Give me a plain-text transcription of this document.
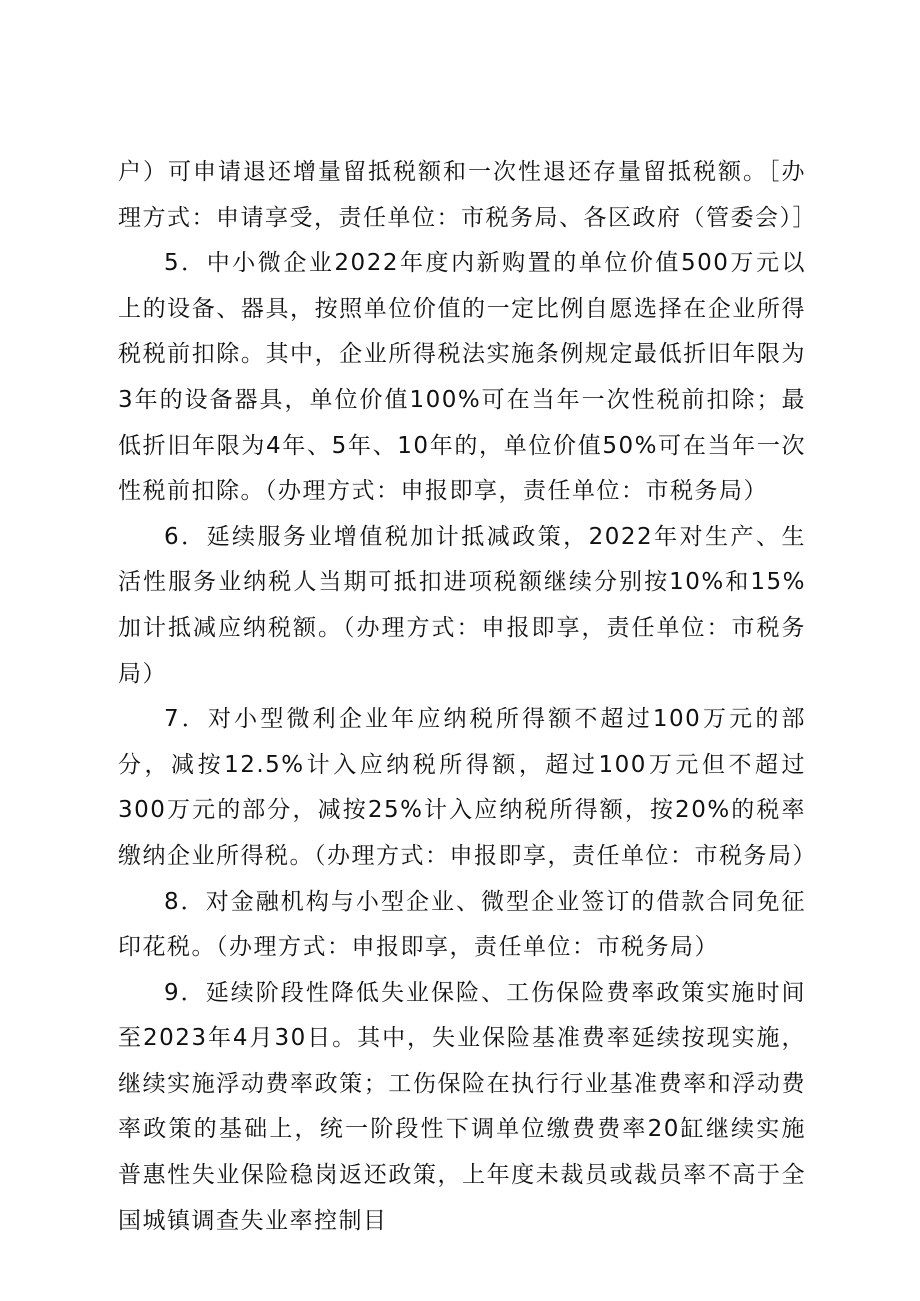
户）可申请退还增量留抵税额和一次性退还存量留抵税额。［办理方式：申请享受，责任单位：市税务局、各区政府（管委会）］

5．中小微企业2022年度内新购置的单位价值500万元以上的设备、器具，按照单位价值的一定比例自愿选择在企业所得税税前扣除。其中，企业所得税法实施条例规定最低折旧年限为3年的设备器具，单位价值100%可在当年一次性税前扣除；最低折旧年限为4年、5年、10年的，单位价值50%可在当年一次性税前扣除。（办理方式：申报即享，责任单位：市税务局）

6．延续服务业增值税加计抵减政策，2022年对生产、生活性服务业纳税人当期可抵扣进项税额继续分别按10%和15%加计抵减应纳税额。（办理方式：申报即享，责任单位：市税务局）

7．对小型微利企业年应纳税所得额不超过100万元的部分，减按12.5%计入应纳税所得额，超过100万元但不超过300万元的部分，减按25%计入应纳税所得额，按20%的税率缴纳企业所得税。（办理方式：申报即享，责任单位：市税务局）

8．对金融机构与小型企业、微型企业签订的借款合同免征印花税。（办理方式：申报即享，责任单位：市税务局）

9．延续阶段性降低失业保险、工伤保险费率政策实施时间至2023年4月30日。其中，失业保险基准费率延续按现实施，继续实施浮动费率政策；工伤保险在执行行业基准费率和浮动费率政策的基础上，统一阶段性下调单位缴费费率20缸继续实施普惠性失业保险稳岗返还政策，上年度未裁员或裁员率不高于全国城镇调查失业率控制目
